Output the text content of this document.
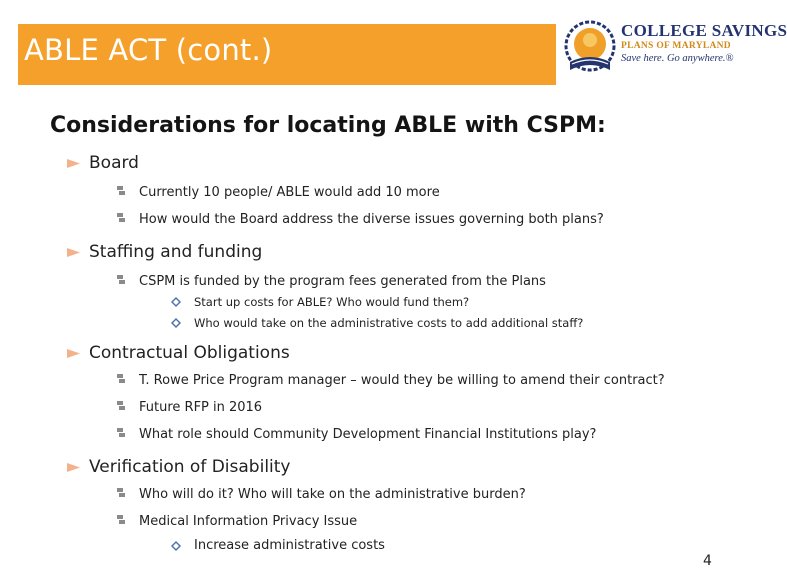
ABLE ACT (cont.)
COLLEGE SAVINGS
PLANS OF MARYLAND
Save here. Go anywhere.®
Considerations for locating ABLE with CSPM:
Board
Currently 10 people/ ABLE would add 10 more
How would the Board address the diverse issues governing both plans?
Staffing and funding
CSPM is funded by the program fees generated from the Plans
Start up costs for ABLE? Who would fund them?
Who would take on the administrative costs to add additional staff?
Contractual Obligations
T. Rowe Price Program manager – would they be willing to amend their contract?
Future RFP in 2016
What role should Community Development Financial Institutions play?
Verification of Disability
Who will do it? Who will take on the administrative burden?
Medical Information Privacy Issue
Increase administrative costs
4
